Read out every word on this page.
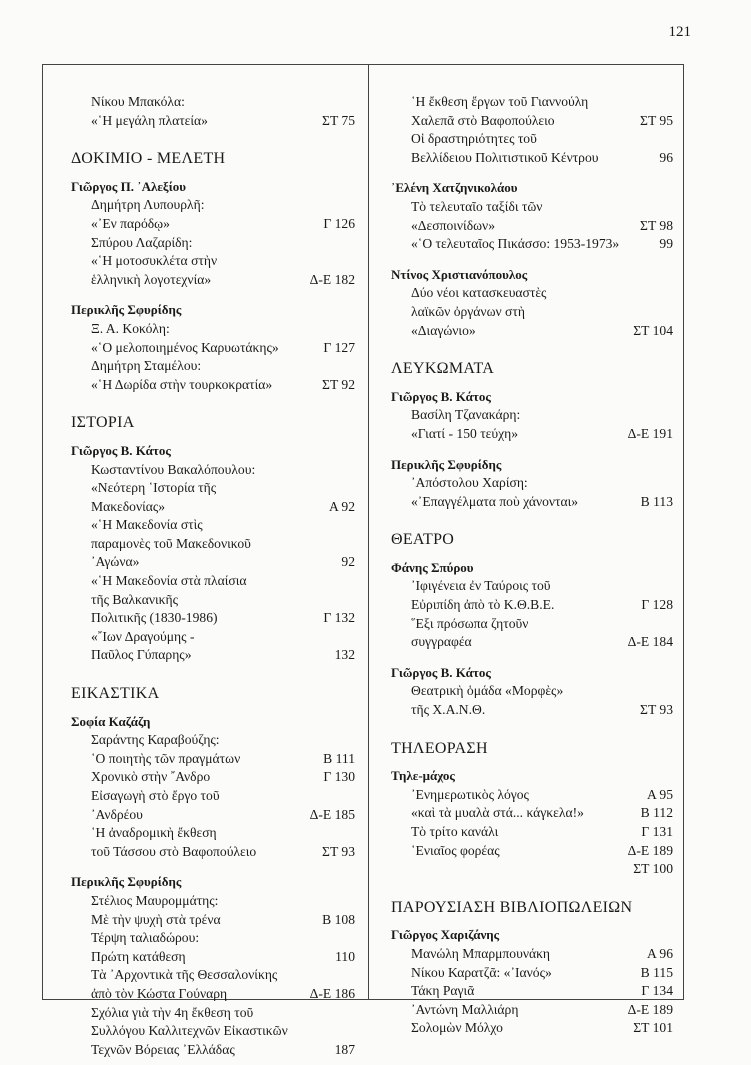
121
Νίκου Μπακόλα:
«῾Η μεγάλη πλατεία»	ΣΤ 75
ΔΟΚΙΜΙΟ - ΜΕΛΕΤΗ
Γιῶργος Π. ᾿Αλεξίου
Δημήτρη Λυπουρλῆ:
«᾿Εν παρόδῳ»	Γ 126
Σπύρου Λαζαρίδη:
«῾Η μοτοσυκλέτα στὴν
ἑλληνικὴ λογοτεχνία»	Δ-Ε 182
Περικλῆς Σφυρίδης
Ξ. Α. Κοκόλη:
«῾Ο μελοποιημένος Καρυωτάκης»	Γ 127
Δημήτρη Σταμέλου:
«῾Η Δωρίδα στὴν τουρκοκρατία»	ΣΤ 92
ΙΣΤΟΡΙΑ
Γιῶργος Β. Κάτος
Κωσταντίνου Βακαλόπουλου:
«Νεότερη ῾Ιστορία τῆς
Μακεδονίας»	Α 92
«῾Η Μακεδονία στὶς
παραμονὲς τοῦ Μακεδονικοῦ
᾿Αγώνα»	92
«῾Η Μακεδονία στὰ πλαίσια
τῆς Βαλκανικῆς
Πολιτικῆς (1830-1986)	Γ 132
«῎Ιων Δραγούμης -
Παῦλος Γύπαρης»	132
ΕΙΚΑΣΤΙΚΑ
Σοφία Καζάζη
Σαράντης Καραβούζης:
῾Ο ποιητὴς τῶν πραγμάτων	Β 111
Χρονικὸ στὴν ῎Ανδρο	Γ 130
Εἰσαγωγὴ στὸ ἔργο τοῦ
᾿Ανδρέου	Δ-Ε 185
῾Η ἀναδρομικὴ ἔκθεση
τοῦ Τάσσου στὸ Βαφοπούλειο	ΣΤ 93
Περικλῆς Σφυρίδης
Στέλιος Μαυρομμάτης:
Μὲ τὴν ψυχὴ στὰ τρένα	Β 108
Τέρψη ταλιαδώρου:
Πρώτη κατάθεση	110
Τὰ ᾿Αρχοντικὰ τῆς Θεσσαλονίκης
ἀπὸ τὸν Κώστα Γούναρη	Δ-Ε 186
Σχόλια γιὰ τὴν 4η ἔκθεση τοῦ
Συλλόγου Καλλιτεχνῶν Εἰκαστικῶν
Τεχνῶν Βόρειας ᾿Ελλάδας	187
῾Η ἔκθεση ἔργων τοῦ Γιαννούλη
Χαλεπᾶ στὸ Βαφοπούλειο	ΣΤ 95
Οἱ δραστηριότητες τοῦ
Βελλίδειου Πολιτιστικοῦ Κέντρου	96
᾿Ελένη Χατζηνικολάου
Τὸ τελευταῖο ταξίδι τῶν
«Δεσποινίδων»	ΣΤ 98
«῾Ο τελευταῖος Πικάσσο: 1953-1973»	99
Ντίνος Χριστιανόπουλος
Δύο νέοι κατασκευαστὲς
λαϊκῶν ὀργάνων στὴ
«Διαγώνιο»	ΣΤ 104
ΛΕΥΚΩΜΑΤΑ
Γιῶργος Β. Κάτος
Βασίλη Τζανακάρη:
«Γιατί - 150 τεύχη»	Δ-Ε 191
Περικλῆς Σφυρίδης
᾿Απόστολου Χαρίση:
«᾿Επαγγέλματα ποὺ χάνονται»	Β 113
ΘΕΑΤΡΟ
Φάνης Σπύρου
᾿Ιφιγένεια ἐν Ταύροις τοῦ
Εὐριπίδη ἀπὸ τὸ Κ.Θ.Β.Ε.	Γ 128
῞Εξι πρόσωπα ζητοῦν
συγγραφέα	Δ-Ε 184
Γιῶργος Β. Κάτος
Θεατρικὴ ὁμάδα «Μορφὲς»
τῆς Χ.Α.Ν.Θ.	ΣΤ 93
ΤΗΛΕΟΡΑΣΗ
Τηλε-μάχος
᾿Ενημερωτικὸς λόγος	Α 95
«καὶ τὰ μυαλὰ στά... κάγκελα!»	Β 112
Τὸ τρίτο κανάλι	Γ 131
῾Ενιαῖος φορέας	Δ-Ε 189
ΣΤ 100
ΠΑΡΟΥΣΙΑΣΗ ΒΙΒΛΙΟΠΩΛΕΙΩΝ
Γιῶργος Χαριζάνης
Μανώλη Μπαρμπουνάκη	Α 96
Νίκου Καρατζᾶ: «᾿Ιανός»	Β 115
Τάκη Ραγιᾶ	Γ 134
᾿Αντώνη Μαλλιάρη	Δ-Ε 189
Σολομὼν Μόλχο	ΣΤ 101
